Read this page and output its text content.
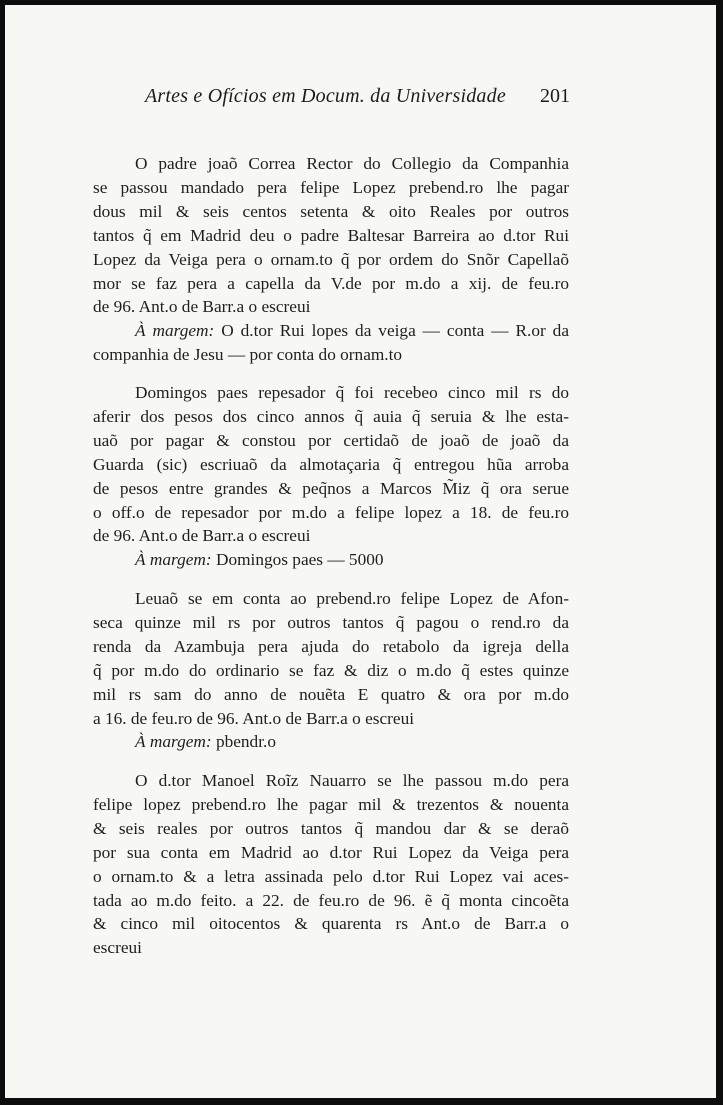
Artes e Ofícios em Docum. da Universidade 201
O padre joaõ Correa Rector do Collegio da Companhia
se passou mandado pera felipe Lopez prebend.ro lhe pagar
dous mil & seis centos setenta & oito Reales por outros
tantos q̃ em Madrid deu o padre Baltesar Barreira ao d.tor Rui
Lopez da Veiga pera o ornam.to q̃ por ordem do Snõr Capellaõ
mor se faz pera a capella da V.de por m.do a xij. de feu.ro
de 96. Ant.o de Barr.a o escreui
À margem: O d.tor Rui lopes da veiga — conta — R.or da
companhia de Jesu — por conta do ornam.to
Domingos paes repesador q̃ foi recebeo cinco mil rs do
aferir dos pesos dos cinco annos q̃ auia q̃ seruia & lhe esta-
uaõ por pagar & constou por certidaõ de joaõ de joaõ da
Guarda (sic) escriuaõ da almotaçaria q̃ entregou hũa arroba
de pesos entre grandes & peq̃nos a Marcos M̃iz q̃ ora serue
o off.o de repesador por m.do a felipe lopez a 18. de feu.ro
de 96. Ant.o de Barr.a o escreui
À margem: Domingos paes — 5000
Leuaõ se em conta ao prebend.ro felipe Lopez de Afon-
seca quinze mil rs por outros tantos q̃ pagou o rend.ro da
renda da Azambuja pera ajuda do retabolo da igreja della
q̃ por m.do do ordinario se faz & diz o m.do q̃ estes quinze
mil rs sam do anno de nouẽta E quatro & ora por m.do
a 16. de feu.ro de 96. Ant.o de Barr.a o escreui
À margem: pbendr.o
O d.tor Manoel Roĩz Nauarro se lhe passou m.do pera
felipe lopez prebend.ro lhe pagar mil & trezentos & nouenta
& seis reales por outros tantos q̃ mandou dar & se deraõ
por sua conta em Madrid ao d.tor Rui Lopez da Veiga pera
o ornam.to & a letra assinada pelo d.tor Rui Lopez vai aces-
tada ao m.do feito. a 22. de feu.ro de 96. ẽ q̃ monta cincoẽta
& cinco mil oitocentos & quarenta rs Ant.o de Barr.a o
escreui
